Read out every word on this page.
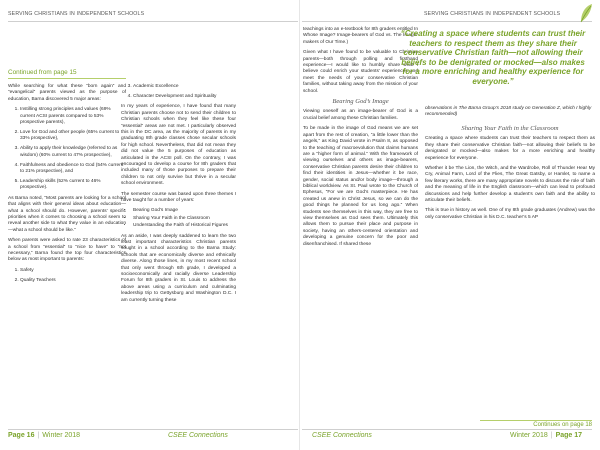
SERVING CHRISTIANS IN INDEPENDENT SCHOOLS
Continued from page 15

While searching for what these “born again” and “evangelical” parents viewed as the purpose of education, Barna discovered 5 major areas:

1. Instilling strong principles and values (69% current ACSI parents compared to 53% prospective parents),
2. Love for God and other people (65% current to 33% prospective),
3. Ability to apply their knowledge (referred to as wisdom) (60% current to 47% prospective),
4. Faithfulness and obedience to God (54% current to 21% prospective), and
5. Leadership skills (52% current to 46% prospective).

As Barna noted, “Most parents are looking for a school that aligns with their general ideas about education—what a school should do. However, parents’ specific priorities when it comes to choosing a school seem to reveal another side to what they value in an education—what a school should be like.”

When parents were asked to rate 23 characteristics of a school from “essential” to “nice to have” to “not necessary,” Barna found the top four characteristics below as most important to parents:

1. Safety
2. Quality Teachers
3. Academic Excellence
4. Character Development and Spirituality

In my years of experience, I have found that many Christian parents choose not to send their children to Christian schools when they feel like these four “essential” areas are not met. I particularly observed this in the DC area, as the majority of parents in my graduating 8th grade classes chose secular schools for high school. Nevertheless, that did not mean they did not value the 5 purposes of education as articulated in the ACSI poll. On the contrary, I was encouraged to develop a course for 8th graders that included many of those purposes to prepare their children to not only survive but thrive in a secular school environment.

The semester course was based upon three themes I have taught for a number of years:

• Bearing God’s Image
• Sharing Your Faith in the Classroom
• Understanding the Faith of Historical Figures

As an aside, I was deeply saddened to learn the two least important characteristics Christian parents sought in a school according to the Barna Study: schools that are economically diverse and ethnically diverse. Along those lines, in my most recent school that only went through 6th grade, I developed a socioeconomically and racially diverse Leadership Forum for 8th graders in St. Louis to address the above areas using a curriculum and culminating leadership trip to Gettysburg and Washington D.C. I am currently turning these

Page 16 | Winter 2018	CSEE Connections
SERVING CHRISTIANS IN INDEPENDENT SCHOOLS
CSEE Connections	Winter 2018 | Page 17

teachings into an e-textbook for 8th graders entitled In Whose Image? Image-bearers of God vs. The Image-makers of Our Time.)

Given what I have found to be valuable to Christian parents—both through polling and firsthand experience—I would like to humbly share what I believe could enrich your students’ experiences and meet the needs of your conservative Christian families, without taking away from the mission of your school.

Bearing God’s Image

Viewing oneself as an image-bearer of God is a crucial belief among these Christian families.

To be made in the image of God means we are set apart from the rest of creation, “a little lower than the angels,” as King David wrote in Psalm 8, as opposed to the teaching of macroevolution that claims humans are a “higher form of animal.” With the framework of viewing ourselves and others as image-bearers, conservative Christian parents desire their children to find their identities in Jesus—whether it be race, gender, social status and/or body image—through a biblical worldview. As St. Paul wrote to the Church of Ephesus, “For we are God’s masterpiece. He has created us anew in Christ Jesus, so we can do the good things he planned for us long ago.” When students see themselves in this way, they are free to view themselves as God sees them. Ultimately this allows them to pursue their place and purpose in society, having an others-centered orientation and developing a genuine concern for the poor and disenfranchised. If shared these

“Creating a space where students can trust their teachers to respect them as they share their conservative Christian faith—not allowing their beliefs to be denigrated or mocked—also makes for a more enriching and healthy experience for everyone.”
observations in The Barna Group’s 2018 study on Generation Z, which I highly recommended)
Sharing Your Faith in the Classroom

Creating a space where students can trust their teachers to respect them as they share their conservative Christian faith—not allowing their beliefs to be denigrated or mocked—also makes for a more enriching and healthy experience for everyone.

Whether it be The Lion, the Witch, and the Wardrobe, Roll of Thunder Hear My Cry, Animal Farm, Lord of the Flies, The Great Gatsby, or Hamlet, to name a few literary works, there are many appropriate novels to discuss the role of faith and the meaning of life in the English classroom—which can lead to profound discussions and help further develop a student’s own faith and the ability to articulate their beliefs.

This is true in history as well. One of my 8th grade graduates (Andrew) was the only conservative Christian in his D.C. teacher’s 5 AP

Continues on page 18
